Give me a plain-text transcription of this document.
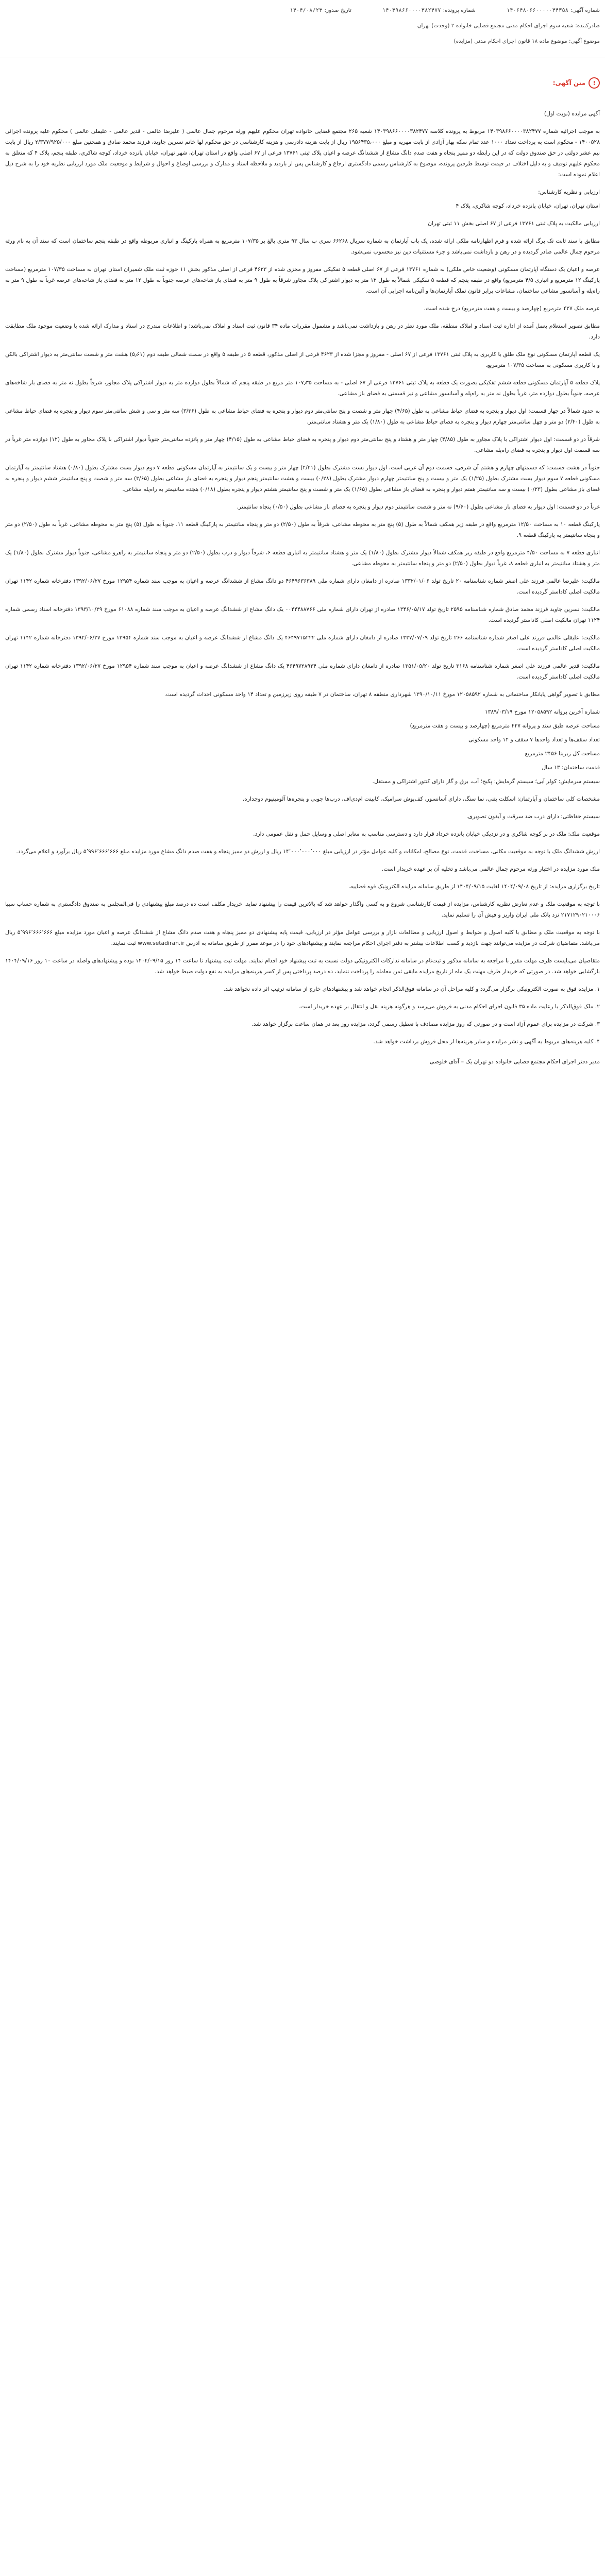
شماره آگهی:
۱۴۰۶۴۸۰۶۶۰۰۰۰۰۴۴۳۵۸
شماره پرونده:
۱۴۰۳۹۸۶۶۰۰۰۰۳۸۲۴۷۷
تاریخ صدور:
۱۴۰۴/۰۸/۲۳
صادرکننده: شعبه سوم اجرای احکام مدنی مجتمع قضایی خانواده ۲ (وحدت) تهران
موضوع آگهی: موضوع ماده ۱۸ قانون اجرای احکام مدنی (مزایده)
!
متن آگهی:

آگهی مزایده (نوبت اول)

به موجب اجرائیه شماره ۱۴۰۳۹۸۶۶۰۰۰۰۳۸۲۴۷۷ مربوط به پرونده کلاسه ۱۴۰۳۹۸۶۶۰۰۰۰۳۸۲۴۷۷ شعبه ۲۶۵ مجتمع قضایی خانواده تهران محکوم علیهم ورثه مرحوم جمال عالمی ( علیرضا عالمی - قدیر عالمی - علیقلی عالمی ) محکوم علیه پرونده اجرائی ۱۴۰۰۵۲۸ - محکوم است به پرداخت تعداد ۱۰۰۰ عدد تمام سکه بهار آزادی از بابت مهریه و مبلغ ۱۹۵۶۴۳۵،۰۰۰ ریال از بابت هزینه دادرسی و هزینه کارشناسی در حق محکوم لها خانم نسرین جاوید، فرزند محمد صادق و همچنین مبلغ ۲/۳۷۷/۹۲۵/۰۰۰ ریال از بابت نیم عشر دولتی در حق صندوق دولت که در این رابطه دو ممیز پنجاه و هفت صدم دانگ مشاع از ششدانگ عرصه و اعیان پلاک ثبتی ۱۳۷۶۱ فرعی از ۶۷ اصلی واقع در استان تهران، شهر تهران، خیابان پانزده خرداد، کوچه شاکری، طبقه پنجم، پلاک ۴ که متعلق به محکوم علیهم توقیف و به دلیل اختلاف در قیمت توسط طرفین پرونده، موضوع به کارشناس رسمی دادگستری ارجاع و کارشناس پس از بازدید و ملاحظه اسناد و مدارک و بررسی اوضاع و احوال و شرایط و موقعیت ملک مورد ارزیابی نظریه خود را به شرح ذیل اعلام نموده است:

ارزیابی و نظریه کارشناس:

استان تهران، تهران، خیابان پانزده خرداد، کوچه شاکری، پلاک ۴

ارزیابی مالکیت به پلاک ثبتی ۱۳۷۶۱ فرعی از ۶۷ اصلی بخش ۱۱ ثبتی تهران

مطابق با سند ثابت تک برگ ارائه شده و فرم اظهارنامه ملکی ارائه شده، یک باب آپارتمان به شماره سریال ۶۶۲۶۸ سری ب سال ۹۳ متری بالغ بر ۱۰۷/۳۵ مترمربع به همراه پارکینگ و انباری مربوطه واقع در طبقه پنجم ساختمان است که سند آن به نام ورثه مرحوم جمال عالمی صادر گردیده و در رهن و بازداشت نمی‌باشد و جزء مستثنیات دین نیز محسوب نمی‌شود.

عرصه و اعیان یک دستگاه آپارتمان مسکونی (وضعیت خاص ملکی) به شماره ۱۳۷۶۱ فرعی از ۶۷ اصلی قطعه ۵ تفکیکی مفروز و مجزی شده از ۴۶۲۳ فرعی از اصلی مذکور بخش ۱۱ حوزه ثبت ملک شمیران استان تهران به مساحت ۱۰۷/۳۵ مترمربع (مساحت پارکینگ ۱۲ مترمربع و انباری ۴/۵ مترمربع) واقع در طبقه پنجم که قطعه ۵ تفکیکی شمالاً به طول ۱۲ متر به دیوار اشتراکی پلاک مجاور شرقاً به طول ۹ متر به فضای باز شاخه‌های عرصه جنوباً به طول ۱۲ متر به فضای باز شاخه‌های عرصه غرباً به طول ۹ متر به راه‌پله و آسانسور مشاعی ساختمان، مشاعات برابر قانون تملک آپارتمان‌ها و آئین‌نامه اجرایی آن است.

عرصه ملک ۴۲۷ مترمربع (چهارصد و بیست و هفت مترمربع) درج شده است.

مطابق تصویر استعلام بعمل آمده از اداره ثبت اسناد و املاک منطقه، ملک مورد نظر در رهن و بازداشت نمی‌باشد و مشمول مقررات ماده ۳۴ قانون ثبت اسناد و املاک نمی‌باشد؛ و اطلاعات مندرج در اسناد و مدارک ارائه شده با وضعیت موجود ملک مطابقت دارد.

یک قطعه آپارتمان مسکونی نوع ملک طلق با کاربری به پلاک ثبتی ۱۳۷۶۱ فرعی از ۶۷ اصلی - مفروز و مجزا شده از ۴۶۲۳ فرعی از اصلی مذکور، قطعه ۵ در طبقه ۵ واقع در سمت شمالی طبقه دوم (۵٫۶۱) هشت متر و شصت سانتی‌متر به دیوار اشتراکی بالکن و با کاربری مسکونی به مساحت ۱۰۷/۳۵ مترمربع.

پلاک قطعه ۵ آپارتمان مسکونی قطعه ششم تفکیکی بصورت یک قطعه به پلاک ثبتی ۱۳۷۶۱ فرعی از ۶۷ اصلی - به مساحت ۱۰۷٫۳۵ متر مربع در طبقه پنجم که شمالاً بطول دوازده متر به دیوار اشتراکی پلاک مجاور، شرقاً بطول نه متر به فضای باز شاخه‌های عرصه، جنوباً بطول دوازده متر، غرباً بطول نه متر به راه‌پله و آسانسور مشاعی و نیز قسمتی به فضای باز مشاعی.

به حدود شمالاً در چهار قسمت: اول دیوار و پنجره به فضای حیاط مشاعی به طول (۴/۶۵) چهار متر و شصت و پنج سانتی‌متر دوم دیوار و پنجره به فضای حیاط مشاعی به طول (۳/۳۶) سه متر و سی و شش سانتی‌متر سوم دیوار و پنجره به فضای حیاط مشاعی به طول (۲/۴۰) دو متر و چهل سانتی‌متر چهارم دیوار و پنجره به فضای حیاط مشاعی به طول (۱/۸۰) یک متر و هشتاد سانتی‌متر.

شرقاً در دو قسمت: اول دیوار اشتراکی با پلاک مجاور به طول (۴/۸۵) چهار متر و هشتاد و پنج سانتی‌متر دوم دیوار و پنجره به فضای حیاط مشاعی به طول (۴/۱۵) چهار متر و پانزده سانتی‌متر جنوباً دیوار اشتراکی با پلاک مجاور به طول (۱۲) دوازده متر غرباً در سه قسمت اول دیوار و پنجره به فضای راه‌پله مشاعی.

جنوباً در هشت قسمت: که قسمتهای چهارم و هشتم آن شرقی، قسمت دوم آن غربی است، اول دیوار بست مشترک بطول (۴/۲۱) چهار متر و بیست و یک سانتیمتر به آپارتمان مسکونی قطعه ۷ دوم دیوار بست مشترک بطول (۰/۸۰) هشتاد سانتیمتر به آپارتمان مسکونی قطعه ۷ سوم دیوار بست مشترک بطول (۱/۲۵) یک متر و بیست و پنج سانتیمتر چهارم دیوار مشترک بطول (۰/۲۸) بیست و هشت سانتیمتر پنجم دیوار و پنجره به فضای باز مشاعی بطول (۳/۶۵) سه متر و شصت و پنج سانتیمتر ششم دیوار و پنجره به فضای باز مشاعی بطول (۰/۲۳) بیست و سه سانتیمتر هفتم دیوار و پنجره به فضای باز مشاعی بطول (۱/۶۵) یک متر و شصت و پنج سانتیمتر هشتم دیوار و پنجره بطول (۰/۱۸) هجده سانتیمتر به راه‌پله مشاعی.

غرباً در دو قسمت: اول دیوار به فضای باز مشاعی بطول (۹/۶۰) نه متر و شصت سانتیمتر دوم دیوار و پنجره به فضای باز مشاعی بطول (۰/۵۰) پنجاه سانتیمتر.

پارکینگ قطعه ۱۰ به مساحت ۱۲/۵۰ مترمربع واقع در طبقه زیر همکف شمالاً به طول (۵) پنج متر به محوطه مشاعی، شرقاً به طول (۲/۵۰) دو متر و پنجاه سانتیمتر به پارکینگ قطعه ۱۱، جنوباً به طول (۵) پنج متر به محوطه مشاعی، غرباً به طول (۲/۵۰) دو متر و پنجاه سانتیمتر به پارکینگ قطعه ۹.

انباری قطعه ۷ به مساحت ۴/۵۰ مترمربع واقع در طبقه زیر همکف شمالاً دیوار مشترک بطول (۱/۸۰) یک متر و هشتاد سانتیمتر به انباری قطعه ۶، شرقاً دیوار و درب بطول (۲/۵۰) دو متر و پنجاه سانتیمتر به راهرو مشاعی، جنوباً دیوار مشترک بطول (۱/۸۰) یک متر و هشتاد سانتیمتر به انباری قطعه ۸، غرباً دیوار بطول (۲/۵۰) دو متر و پنجاه سانتیمتر به محوطه مشاعی.

مالکیت: علیرضا عالمی فرزند علی اصغر شماره شناسنامه ۲۰ تاریخ تولد ۱۳۳۲/۰۱/۰۶ صادره از دامغان دارای شماره ملی ۴۶۴۹۶۳۶۳۸۹ دو دانگ مشاع از ششدانگ عرصه و اعیان به موجب سند شماره ۱۲۹۵۴ مورخ ۱۳۹۲/۰۶/۲۷ دفترخانه شماره ۱۱۴۲ تهران مالکیت اصلی کاداستر گردیده است.

مالکیت: نسرین جاوید فرزند محمد صادق شماره شناسنامه ۲۵۹۵ تاریخ تولد ۱۳۴۶/۰۵/۱۷ صادره از تهران دارای شماره ملی ۰۰۴۴۴۸۸۷۶۶ یک دانگ مشاع از ششدانگ عرصه و اعیان به موجب سند شماره ۶۱۰۸۸ مورخ ۱۳۹۳/۱۰/۲۹ دفترخانه اسناد رسمی شماره ۱۱۲۴ تهران مالکیت اصلی کاداستر گردیده است.

مالکیت: علیقلی عالمی فرزند علی اصغر شماره شناسنامه ۲۶۶ تاریخ تولد ۱۳۳۷/۰۷/۰۹ صادره از دامغان دارای شماره ملی ۴۶۴۹۷۱۵۲۲۲ یک دانگ مشاع از ششدانگ عرصه و اعیان به موجب سند شماره ۱۲۹۵۴ مورخ ۱۳۹۲/۰۶/۲۷ دفترخانه شماره ۱۱۴۲ تهران مالکیت اصلی کاداستر گردیده است.

مالکیت: قدیر عالمی فرزند علی اصغر شماره شناسنامه ۳۱۶۸ تاریخ تولد ۱۳۵۱/۰۵/۲۰ صادره از دامغان دارای شماره ملی ۴۶۴۹۷۲۸۹۲۴ یک دانگ مشاع از ششدانگ عرصه و اعیان به موجب سند شماره ۱۲۹۵۴ مورخ ۱۳۹۲/۰۶/۲۷ دفترخانه شماره ۱۱۴۲ تهران مالکیت اصلی کاداستر گردیده است.

مطابق با تصویر گواهی پایانکار ساختمانی به شماره ۱۲۰۵۸۵۹۲ مورخ ۱۳۹۰/۱۰/۱۱ شهرداری منطقه ۸ تهران، ساختمان در ۷ طبقه روی زیرزمین و تعداد ۱۴ واحد مسکونی احداث گردیده است.

شماره آخرین پروانه ۱۲۰۵۸۵۹۲ مورخ ۱۳۸۹/۰۳/۱۹

مساحت عرصه طبق سند و پروانه ۴۲۷ مترمربع (چهارصد و بیست و هفت مترمربع)

تعداد سقف‌ها و تعداد واحدها ۷ سقف و ۱۴ واحد مسکونی

مساحت کل زیربنا ۲۴۵۶ مترمربع

قدمت ساختمان: ۱۳ سال

سیستم سرمایش: کولر آبی؛ سیستم گرمایش: پکیج؛ آب، برق و گاز دارای کنتور اشتراکی و مستقل.

مشخصات کلی ساختمان و آپارتمان: اسکلت بتنی، نما سنگ، دارای آسانسور، کف‌پوش سرامیک، کابینت ام‌دی‌اف، درب‌ها چوبی و پنجره‌ها آلومینیوم دوجداره.

سیستم حفاظتی: دارای درب ضد سرقت و آیفون تصویری.

موقعیت ملک: ملک در بر کوچه شاکری و در نزدیکی خیابان پانزده خرداد قرار دارد و دسترسی مناسب به معابر اصلی و وسایل حمل و نقل عمومی دارد.

ارزش ششدانگ ملک با توجه به موقعیت مکانی، مساحت، قدمت، نوع مصالح، امکانات و کلیه عوامل مؤثر در ارزیابی مبلغ ۱۴٬۰۰۰٬۰۰۰٬۰۰۰ ریال و ارزش دو ممیز پنجاه و هفت صدم دانگ مشاع مورد مزایده مبلغ ۵٬۹۹۶٬۶۶۶٬۶۶۶ ریال برآورد و اعلام می‌گردد.

ملک مورد مزایده در اختیار ورثه مرحوم جمال عالمی می‌باشد و تخلیه آن بر عهده خریدار است.

تاریخ برگزاری مزایده: از تاریخ ۱۴۰۴/۰۹/۰۸ لغایت ۱۴۰۴/۰۹/۱۵ از طریق سامانه مزایده الکترونیک قوه قضاییه.

با توجه به موقعیت ملک و عدم تعارض نظریه کارشناس، مزایده از قیمت کارشناسی شروع و به کسی واگذار خواهد شد که بالاترین قیمت را پیشنهاد نماید. خریدار مکلف است ده درصد مبلغ پیشنهادی را فی‌المجلس به صندوق دادگستری به شماره حساب سیبا ۲۱۷۱۲۹۰۲۱۰۰۰۶ نزد بانک ملی ایران واریز و فیش آن را تسلیم نماید.

با توجه به موقعیت ملک و مطابق با کلیه اصول و ضوابط و اصول ارزیابی و مطالعات بازار و بررسی عوامل مؤثر در ارزیابی، قیمت پایه پیشنهادی دو ممیز پنجاه و هفت صدم دانگ مشاع از ششدانگ عرصه و اعیان مورد مزایده مبلغ ۵٬۹۹۶٬۶۶۶٬۶۶۶ ریال می‌باشد. متقاضیان شرکت در مزایده می‌توانند جهت بازدید و کسب اطلاعات بیشتر به دفتر اجرای احکام مراجعه نمایند و پیشنهادهای خود را در موعد مقرر از طریق سامانه به آدرس www.setadiran.ir ثبت نمایند.

متقاضیان می‌بایست ظرف مهلت مقرر با مراجعه به سامانه مذکور و ثبت‌نام در سامانه تدارکات الکترونیکی دولت نسبت به ثبت پیشنهاد خود اقدام نمایند. مهلت ثبت پیشنهاد تا ساعت ۱۴ روز ۱۴۰۴/۰۹/۱۵ بوده و پیشنهادهای واصله در ساعت ۱۰ روز ۱۴۰۴/۰۹/۱۶ بازگشایی خواهد شد. در صورتی که خریدار ظرف مهلت یک ماه از تاریخ مزایده مابقی ثمن معامله را پرداخت ننماید، ده درصد پرداختی پس از کسر هزینه‌های مزایده به نفع دولت ضبط خواهد شد.

۱. مزایده فوق به صورت الکترونیکی برگزار می‌گردد و کلیه مراحل آن در سامانه فوق‌الذکر انجام خواهد شد و پیشنهادهای خارج از سامانه ترتیب اثر داده نخواهد شد.

۲. ملک فوق‌الذکر با رعایت ماده ۳۵ قانون اجرای احکام مدنی به فروش می‌رسد و هرگونه هزینه نقل و انتقال بر عهده خریدار است.

۳. شرکت در مزایده برای عموم آزاد است و در صورتی که روز مزایده مصادف با تعطیل رسمی گردد، مزایده روز بعد در همان ساعت برگزار خواهد شد.

۴. کلیه هزینه‌های مربوط به آگهی و نشر مزایده و سایر هزینه‌ها از محل فروش برداشت خواهد شد.

مدیر دفتر اجرای احکام مجتمع قضایی خانواده دو تهران یک – آقای خلوصی
